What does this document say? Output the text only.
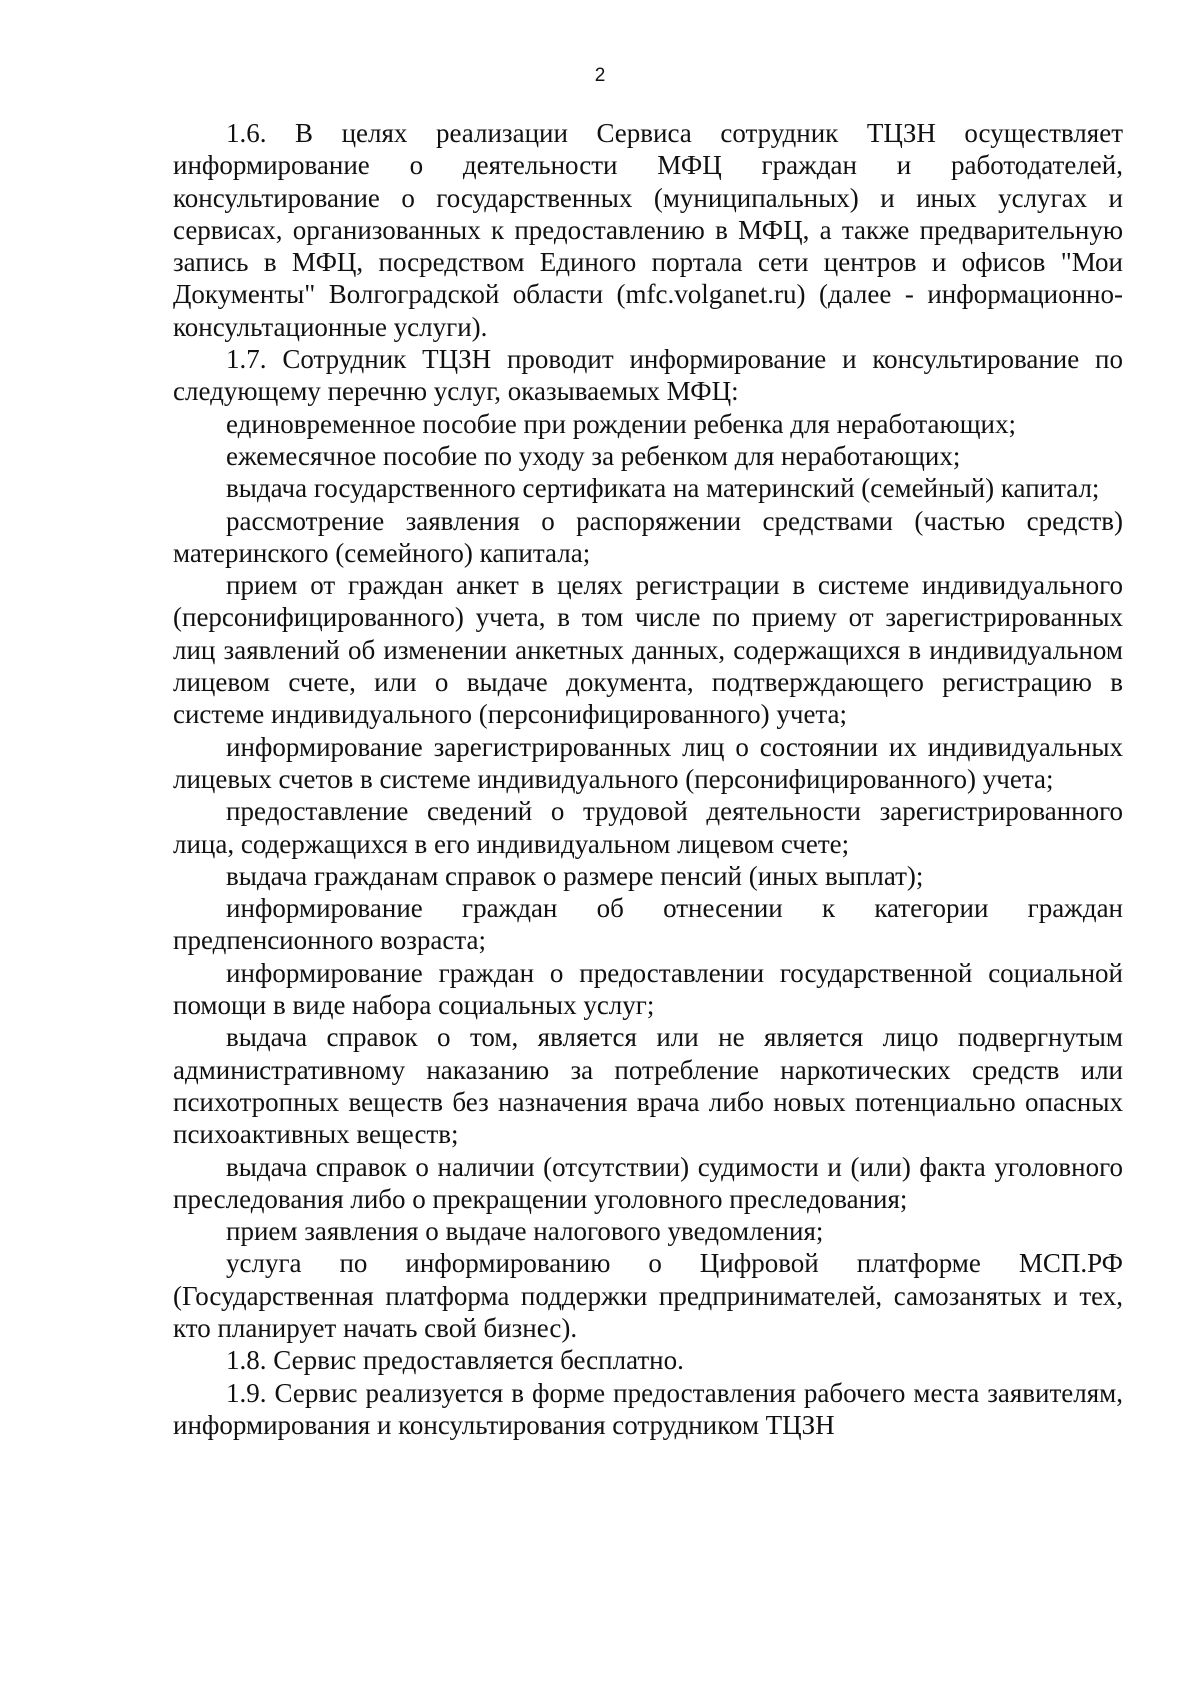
2

1.6. В целях реализации Сервиса сотрудник ТЦЗН осуществляет информирование о деятельности МФЦ граждан и работодателей, консультирование о государственных (муниципальных) и иных услугах и сервисах, организованных к предоставлению в МФЦ, а также предварительную запись в МФЦ, посредством Единого портала сети центров и офисов "Мои Документы" Волгоградской области (mfc.volganet.ru) (далее - информационно-консультационные услуги).

1.7. Сотрудник ТЦЗН проводит информирование и консультирование по следующему перечню услуг, оказываемых МФЦ:

единовременное пособие при рождении ребенка для неработающих;

ежемесячное пособие по уходу за ребенком для неработающих;

выдача государственного сертификата на материнский (семейный) капитал;

рассмотрение заявления о распоряжении средствами (частью средств) материнского (семейного) капитала;

прием от граждан анкет в целях регистрации в системе индивидуального (персонифицированного) учета, в том числе по приему от зарегистрированных лиц заявлений об изменении анкетных данных, содержащихся в индивидуальном лицевом счете, или о выдаче документа, подтверждающего регистрацию в системе индивидуального (персонифицированного) учета;

информирование зарегистрированных лиц о состоянии их индивидуальных лицевых счетов в системе индивидуального (персонифицированного) учета;

предоставление сведений о трудовой деятельности зарегистрированного лица, содержащихся в его индивидуальном лицевом счете;

выдача гражданам справок о размере пенсий (иных выплат);

информирование граждан об отнесении к категории граждан предпенсионного возраста;

информирование граждан о предоставлении государственной социальной помощи в виде набора социальных услуг;

выдача справок о том, является или не является лицо подвергнутым административному наказанию за потребление наркотических средств или психотропных веществ без назначения врача либо новых потенциально опасных психоактивных веществ;

выдача справок о наличии (отсутствии) судимости и (или) факта уголовного преследования либо о прекращении уголовного преследования;

прием заявления о выдаче налогового уведомления;

услуга по информированию о Цифровой платформе МСП.РФ (Государственная платформа поддержки предпринимателей, самозанятых и тех, кто планирует начать свой бизнес).

1.8. Сервис предоставляется бесплатно.

1.9. Сервис реализуется в форме предоставления рабочего места заявителям, информирования и консультирования сотрудником ТЦЗН
